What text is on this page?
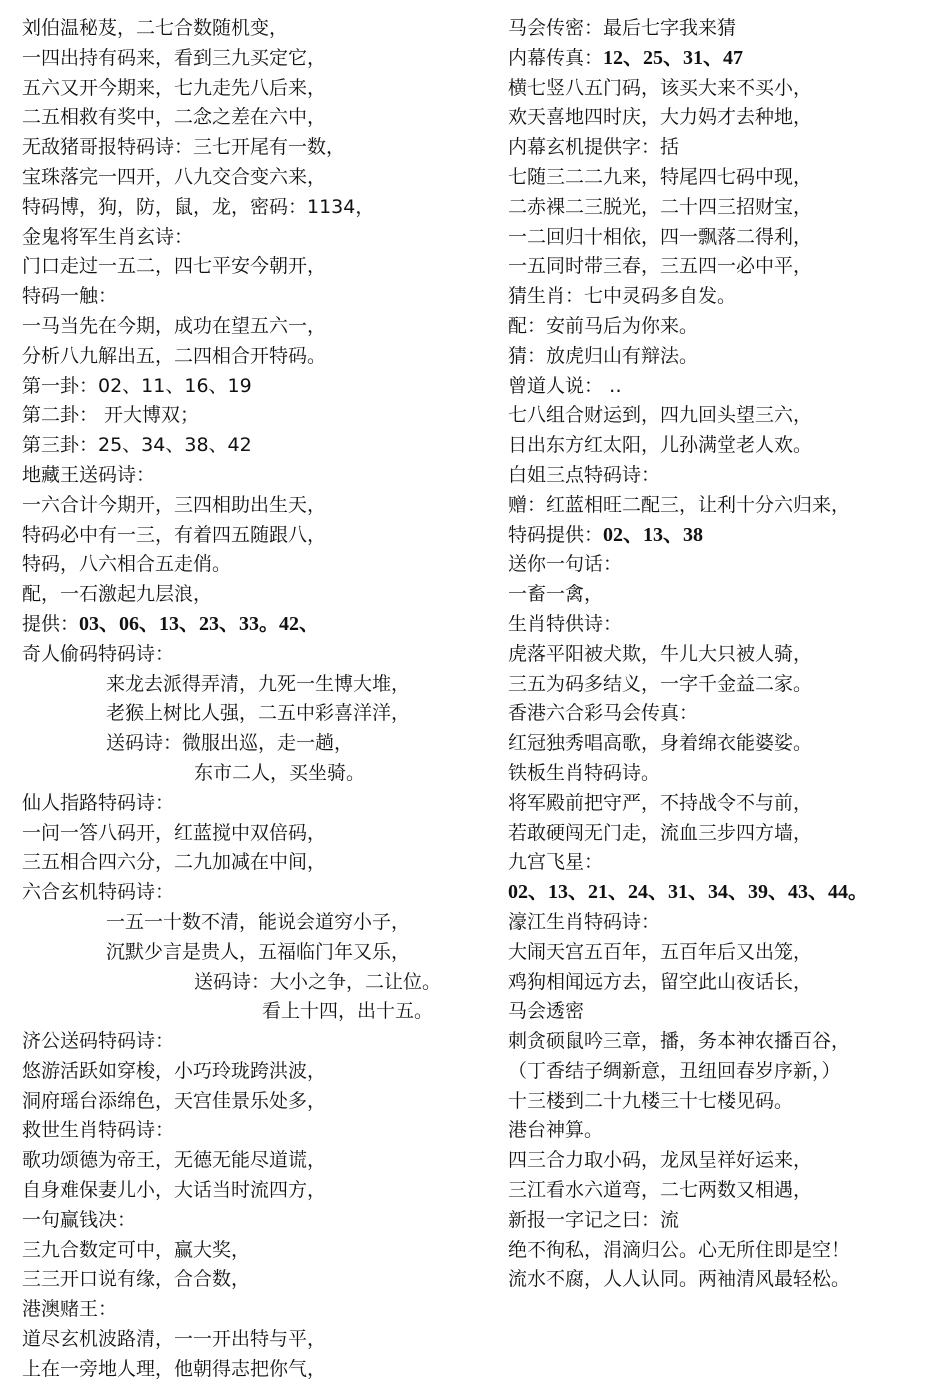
刘伯温秘芨，二七合数随机变，
一四出持有码来，看到三九买定它，
五六又开今期来，七九走先八后来，
二五相救有奖中，二念之差在六中，
无敌猪哥报特码诗：三七开尾有一数，
宝珠落完一四开，八九交合变六来，
特码博，狗，防，鼠，龙，密码：1134，
金鬼将军生肖玄诗：
门口走过一五二，四七平安今朝开，
特码一触：
一马当先在今期，成功在望五六一，
分析八九解出五，二四相合开特码。
第一卦：02、11、16、19
第二卦： 开大博双；
第三卦：25、34、38、42
地藏王送码诗：
一六合计今期开，三四相助出生天，
特码必中有一三，有着四五随跟八，
特码，八六相合五走俏。
配，一石激起九层浪，
提供：03、06、13、23、33。42、
奇人偷码特码诗：
来龙去派得弄清，九死一生博大堆，
老猴上树比人强，二五中彩喜洋洋，
送码诗：微服出巡，走一趟，
东市二人，买坐骑。
仙人指路特码诗：
一问一答八码开，红蓝搅中双倍码，
三五相合四六分，二九加减在中间，
六合玄机特码诗：
一五一十数不清，能说会道穷小子，
沉默少言是贵人，五福临门年又乐，
送码诗：大小之争，二让位。
看上十四，出十五。
济公送码特码诗：
悠游活跃如穿梭，小巧玲珑跨洪波，
洞府瑶台添绵色，天宫佳景乐处多，
救世生肖特码诗：
歌功颂德为帝王，无德无能尽道谎，
自身难保妻儿小，大话当时流四方，
一句赢钱决：
三九合数定可中，赢大奖，
三三开口说有缘，合合数，
港澳赌王：
道尽玄机波路清，一一开出特与平，
上在一旁地人理，他朝得志把你气，
马会传密：最后七字我来猜
内幕传真：12、25、31、47
横七竖八五门码，该买大来不买小，
欢天喜地四时庆，大力妈才去种地，
内幕玄机提供字：括
七随三二二九来，特尾四七码中现，
二赤裸二三脱光，二十四三招财宝，
一二回归十相依，四一飘落二得利，
一五同时带三春，三五四一必中平，
猜生肖：七中灵码多自发。
配：安前马后为你来。
猜：放虎归山有辩法。
曾道人说： ‥
七八组合财运到，四九回头望三六，
日出东方红太阳，儿孙满堂老人欢。
白姐三点特码诗：
赠：红蓝相旺二配三，让利十分六归来，
特码提供：02、13、38
送你一句话：
一畜一禽，
生肖特供诗：
虎落平阳被犬欺，牛儿大只被人骑，
三五为码多结义，一字千金益二家。
香港六合彩马会传真：
红冠独秀唱高歌，身着绵衣能婆娑。
铁板生肖特码诗。
将军殿前把守严，不持战令不与前，
若敢硬闯无门走，流血三步四方墙，
九宫飞星：
02、13、21、24、31、34、39、43、44。
濠江生肖特码诗：
大闹天宫五百年，五百年后又出笼，
鸡狗相闻远方去，留空此山夜话长，
马会透密
刺贪硕鼠吟三章，播，务本神农播百谷，
（丁香结子绸新意，丑纽回春岁序新，）
十三楼到二十九楼三十七楼见码。
港台神算。
四三合力取小码，龙凤呈祥好运来，
三江看水六道弯，二七两数又相遇，
新报一字记之曰：流
绝不徇私，涓滴归公。心无所住即是空！
流水不腐，人人认同。两袖清风最轻松。
